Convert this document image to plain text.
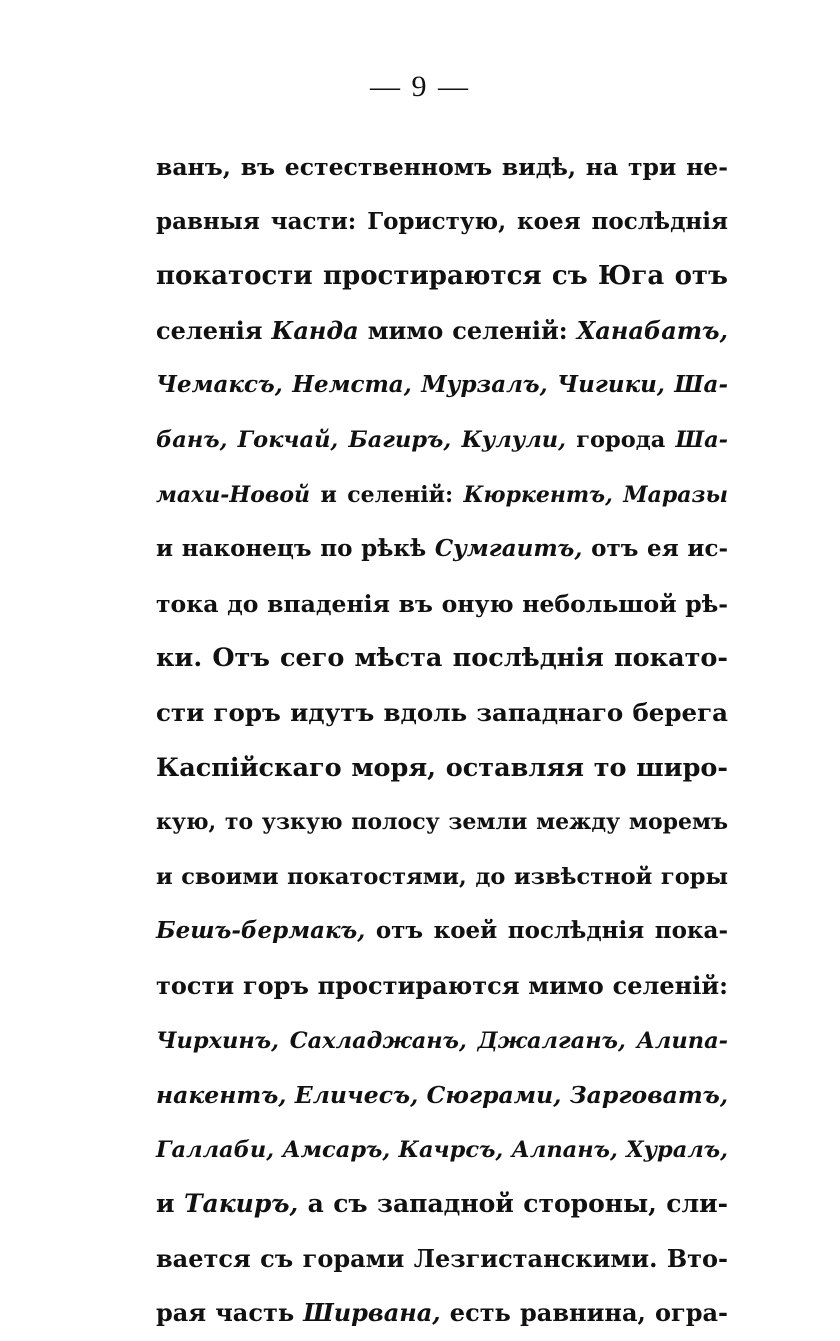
— 9 —
ванъ, въ естественномъ видѣ, на три не-
равныя части: Гористую, коея послѣднія
покатости простираются съ Юга отъ
селенія Канда мимо селеній: Ханабатъ,
Чемаксъ, Немста, Мурзалъ, Чигики, Ша-
банъ, Гокчай, Багиръ, Кулули, города Ша-
махи-Новой и селеній: Кюркентъ, Маразы
и наконецъ по рѣкѣ Сумгаитъ, отъ ея ис-
тока до впаденія въ оную небольшой рѣ-
ки. Отъ сего мѣста послѣднія покато-
сти горъ идутъ вдоль западнаго берега
Каспійскаго моря, оставляя то широ-
кую, то узкую полосу земли между моремъ
и своими покатостями, до извѣстной горы
Бешъ-бермакъ, отъ коей послѣднія пока-
тости горъ простираются мимо селеній:
Чирхинъ, Сахладжанъ, Джалганъ, Алипа-
накентъ, Еличесъ, Сюграми, Зарговатъ,
Галлаби, Амсаръ, Качрсъ, Алпанъ, Хуралъ,
и Такиръ, а съ западной стороны, сли-
вается съ горами Лезгистанскими. Вто-
рая часть Ширвана, есть равнина, огра-
